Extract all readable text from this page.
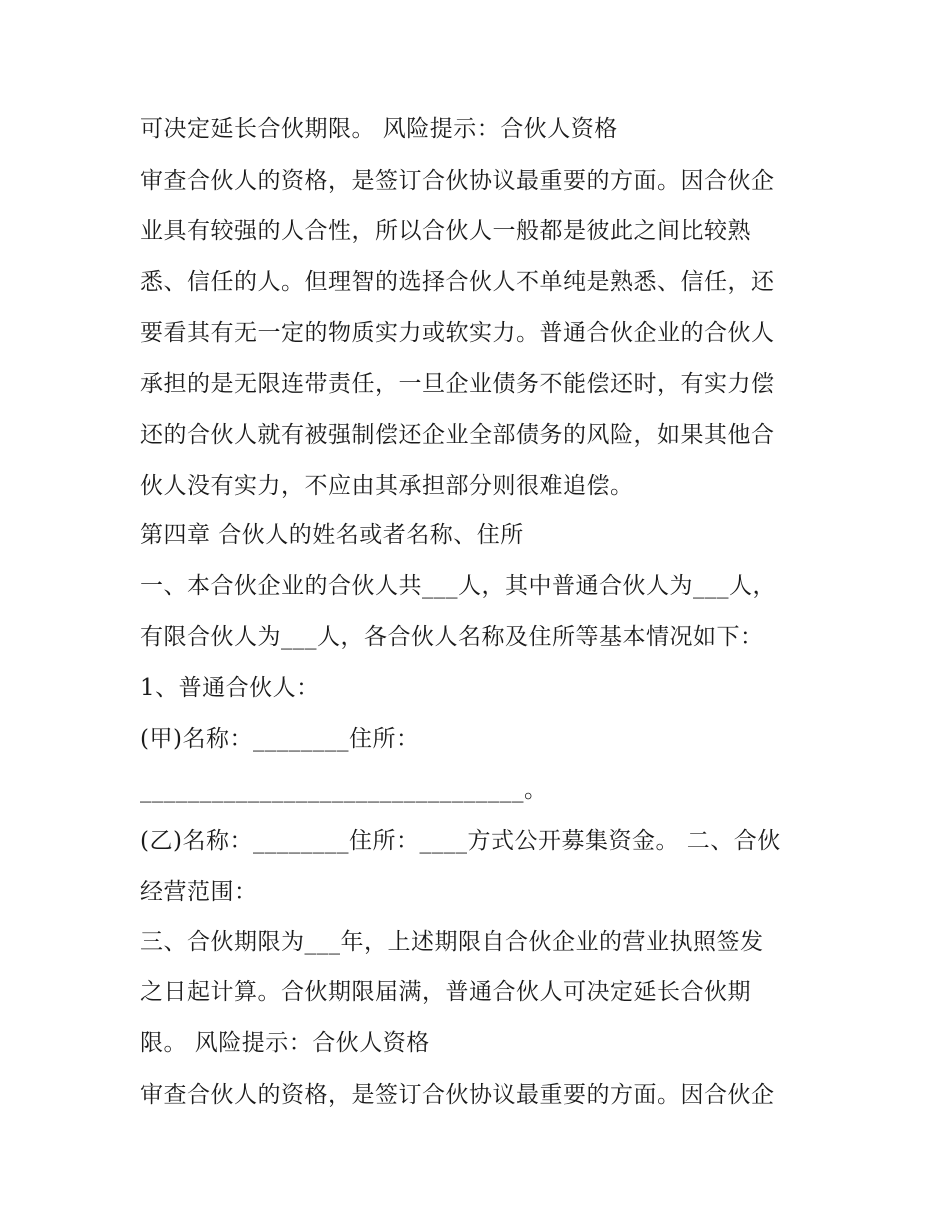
可决定延长合伙期限。 风险提示：合伙人资格
审查合伙人的资格，是签订合伙协议最重要的方面。因合伙企
业具有较强的人合性，所以合伙人一般都是彼此之间比较熟
悉、信任的人。但理智的选择合伙人不单纯是熟悉、信任，还
要看其有无一定的物质实力或软实力。普通合伙企业的合伙人
承担的是无限连带责任，一旦企业债务不能偿还时，有实力偿
还的合伙人就有被强制偿还企业全部债务的风险，如果其他合
伙人没有实力，不应由其承担部分则很难追偿。
第四章 合伙人的姓名或者名称、住所
一、本合伙企业的合伙人共___人，其中普通合伙人为___人，
有限合伙人为___人，各合伙人名称及住所等基本情况如下：
1、普通合伙人：
(甲)名称：________住所：
________________________________。
(乙)名称：________住所：____方式公开募集资金。 二、合伙
经营范围：
三、合伙期限为___年，上述期限自合伙企业的营业执照签发
之日起计算。合伙期限届满，普通合伙人可决定延长合伙期
限。 风险提示：合伙人资格
审查合伙人的资格，是签订合伙协议最重要的方面。因合伙企
